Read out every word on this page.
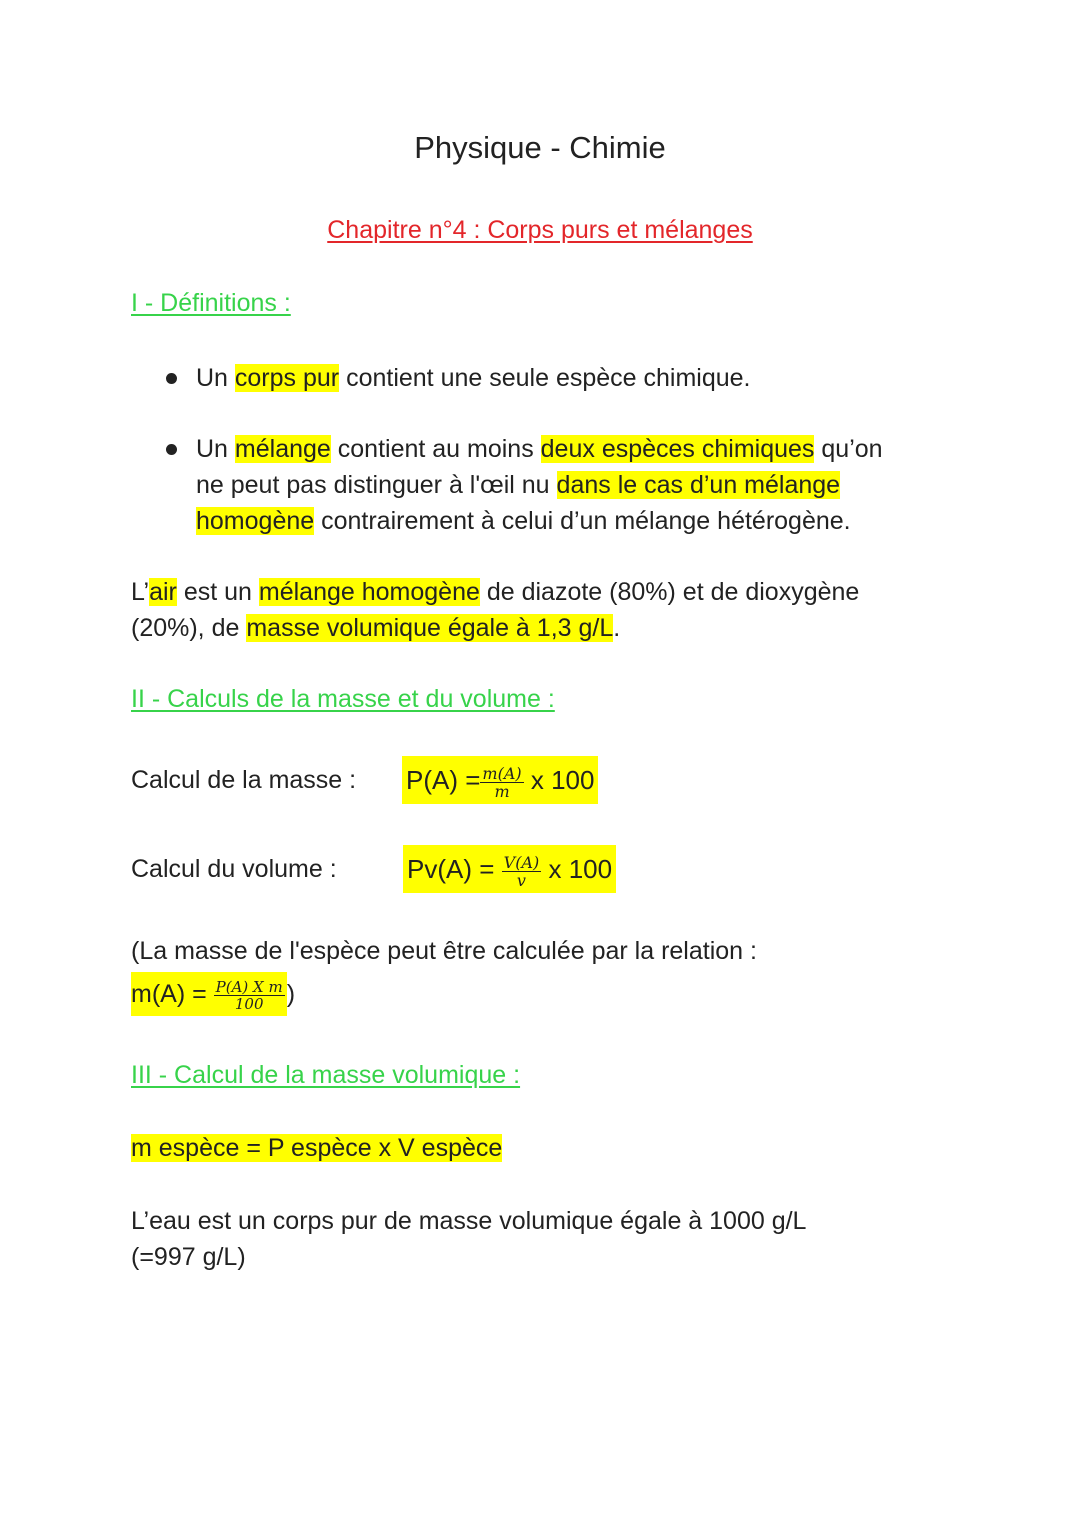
Physique - Chimie
Chapitre n°4 : Corps purs et mélanges
I - Définitions :
Un corps pur contient une seule espèce chimique.
Un mélange contient au moins deux espèces chimiques qu’on
ne peut pas distinguer à l'œil nu dans le cas d’un mélange
homogène contrairement à celui d’un mélange hétérogène.
L’air est un mélange homogène de diazote (80%) et de dioxygène
(20%), de masse volumique égale à 1,3 g/L.
II - Calculs de la masse et du volume :
Calcul de la masse : $P(A) = \frac{m(A)}{m}$ x 100
Calcul du volume :	$Pv(A) = \frac{V(A)}{v}$ x 100
(La masse de l'espèce peut être calculée par la relation :
$m(A) = \frac{\text{P(A) X m}}{100}$ )
III - Calcul de la masse volumique :
m espèce = P espèce x V espèce
L’eau est un corps pur de masse volumique égale à 1000 g/L
(=997 g/L)
